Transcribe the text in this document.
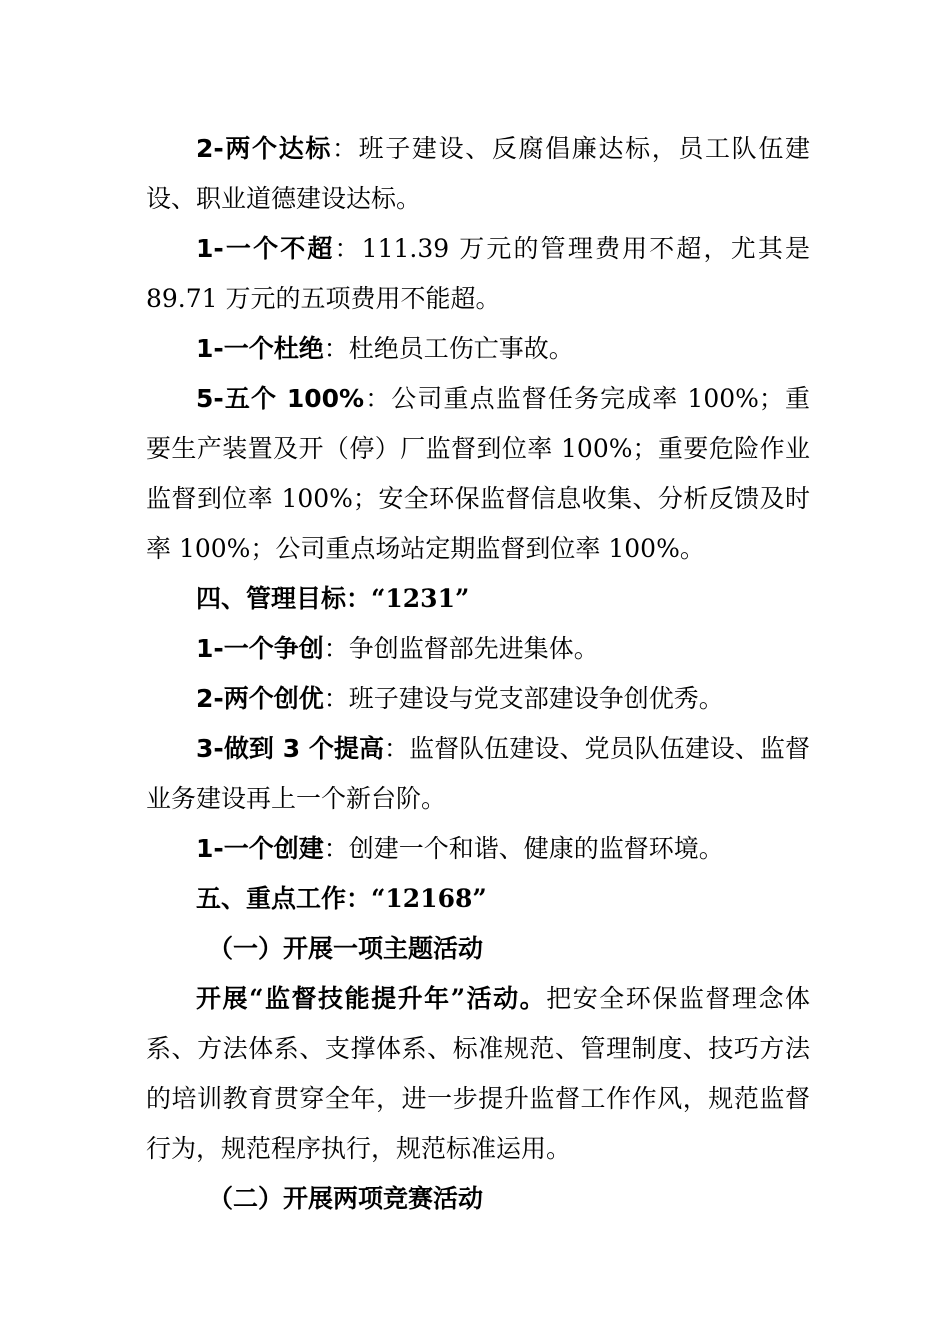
2-两个达标：班子建设、反腐倡廉达标，员工队伍建设、职业道德建设达标。

1-一个不超：111.39 万元的管理费用不超，尤其是 89.71 万元的五项费用不能超。

1-一个杜绝：杜绝员工伤亡事故。

5-五个 100%：公司重点监督任务完成率 100%；重要生产装置及开（停）厂监督到位率 100%；重要危险作业监督到位率 100%；安全环保监督信息收集、分析反馈及时率 100%；公司重点场站定期监督到位率 100%。

四、管理目标：“1231”

1-一个争创：争创监督部先进集体。

2-两个创优：班子建设与党支部建设争创优秀。

3-做到 3 个提高：监督队伍建设、党员队伍建设、监督业务建设再上一个新台阶。

1-一个创建：创建一个和谐、健康的监督环境。

五、重点工作：“12168”

（一）开展一项主题活动

开展“监督技能提升年”活动。把安全环保监督理念体系、方法体系、支撑体系、标准规范、管理制度、技巧方法的培训教育贯穿全年，进一步提升监督工作作风，规范监督行为，规范程序执行，规范标准运用。

（二）开展两项竞赛活动
